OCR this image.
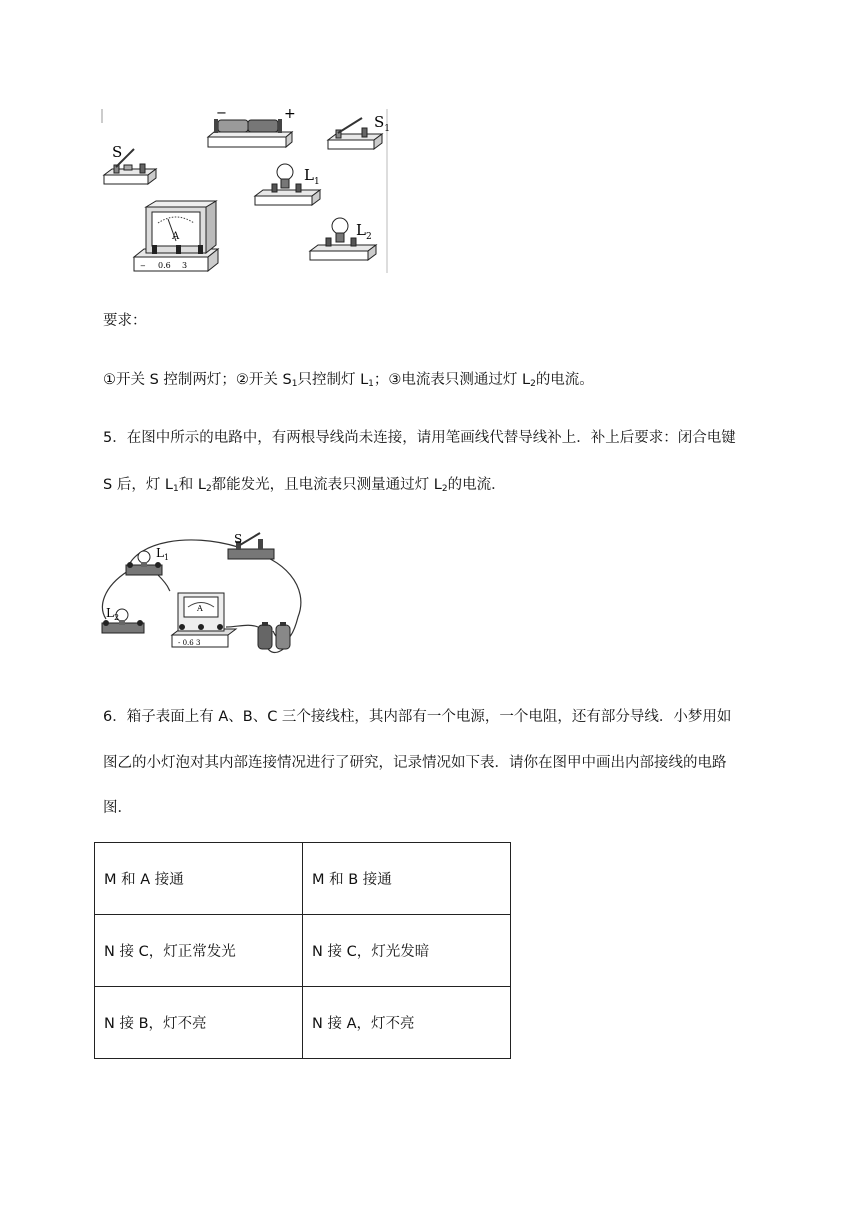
S
−	+	$S_1$
$L_1$
A
− 0.6 3
$L_2$
要求：
①开关 S 控制两灯；②开关 $S_1$只控制灯 $L_1$；③电流表只测通过灯 $L_2$的电流。
5．在图中所示的电路中，有两根导线尚未连接，请用笔画线代替导线补上．补上后要求：闭合电键
S 后，灯 $L_1$和 $L_2$都能发光，且电流表只测量通过灯 $L_2$的电流．
$L_1$
S
$L_2$
A
- 0.6 3
6．箱子表面上有 A、B、C 三个接线柱，其内部有一个电源，一个电阻，还有部分导线．小梦用如
图乙的小灯泡对其内部连接情况进行了研究，记录情况如下表．请你在图甲中画出内部接线的电路
图．
M 和 A 接通	M 和 B 接通
N 接 C，灯正常发光	N 接 C，灯光发暗
N 接 B，灯不亮	N 接 A，灯不亮
